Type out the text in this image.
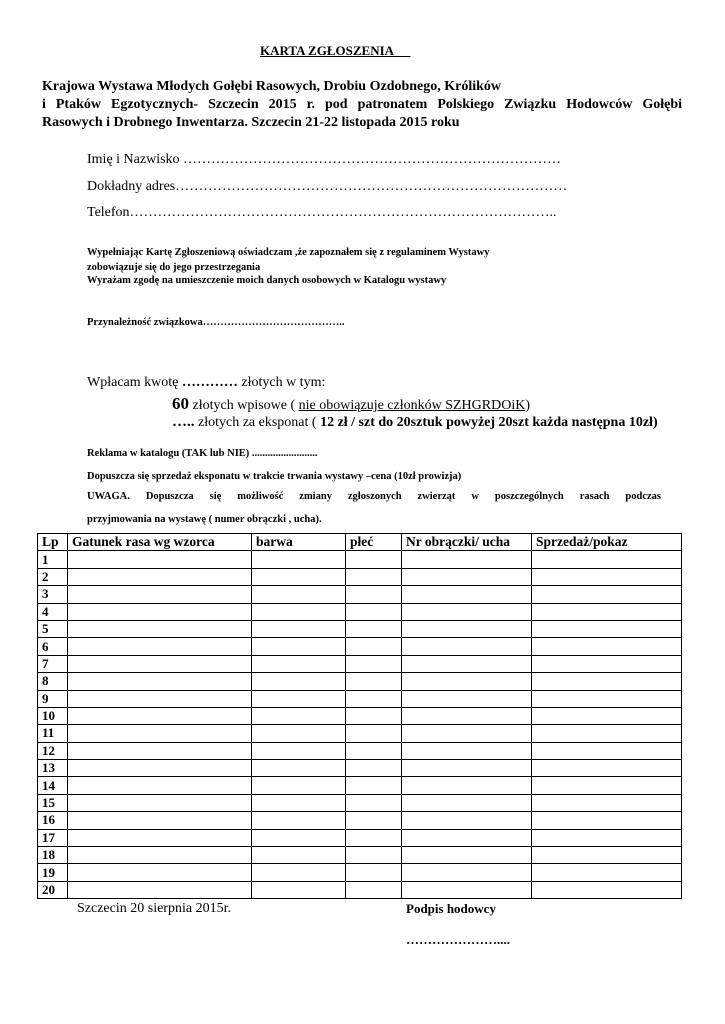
KARTA ZGŁOSZENIA
Krajowa Wystawa Młodych Gołębi Rasowych, Drobiu Ozdobnego, Królików
i Ptaków Egzotycznych- Szczecin 2015 r. pod patronatem Polskiego Związku Hodowców Gołębi
Rasowych i Drobnego Inwentarza. Szczecin 21-22 listopada 2015 roku
Imię i Nazwisko ………………………………………………………………………
Dokładny adres…………………………………………………………………………
Telefon………………………………………………………………………………..
Wypełniając Kartę Zgłoszeniową oświadczam ,że zapoznałem się z regulaminem Wystawy
zobowiązuje się do jego przestrzegania
Wyrażam zgodę na umieszczenie moich danych osobowych w Katalogu wystawy
Przynależność związkowa…………………………………..
Wpłacam kwotę ………… złotych w tym:
60 złotych wpisowe ( nie obowiązuje członków SZHGRDOiK)
….. złotych za eksponat ( 12 zł / szt do 20sztuk powyżej 20szt każda następna 10zł)
Reklama w katalogu (TAK lub NIE) .........................
Dopuszcza się sprzedaż eksponatu w trakcie trwania wystawy –cena (10zł prowizja)
UWAGA. Dopuszcza się możliwość zmiany zgłoszonych zwierząt w poszczególnych rasach podczas
przyjmowania na wystawę ( numer obrączki , ucha).
Lp	Gatunek rasa wg wzorca	barwa	płeć	Nr obrączki/ ucha	Sprzedaż/pokaz
1					
2					
3					
4					
5					
6					
7					
8					
9					
10					
11					
12					
13					
14					
15					
16					
17					
18					
19					
20					
Szczecin 20 sierpnia 2015r.	Podpis hodowcy
…………………....
